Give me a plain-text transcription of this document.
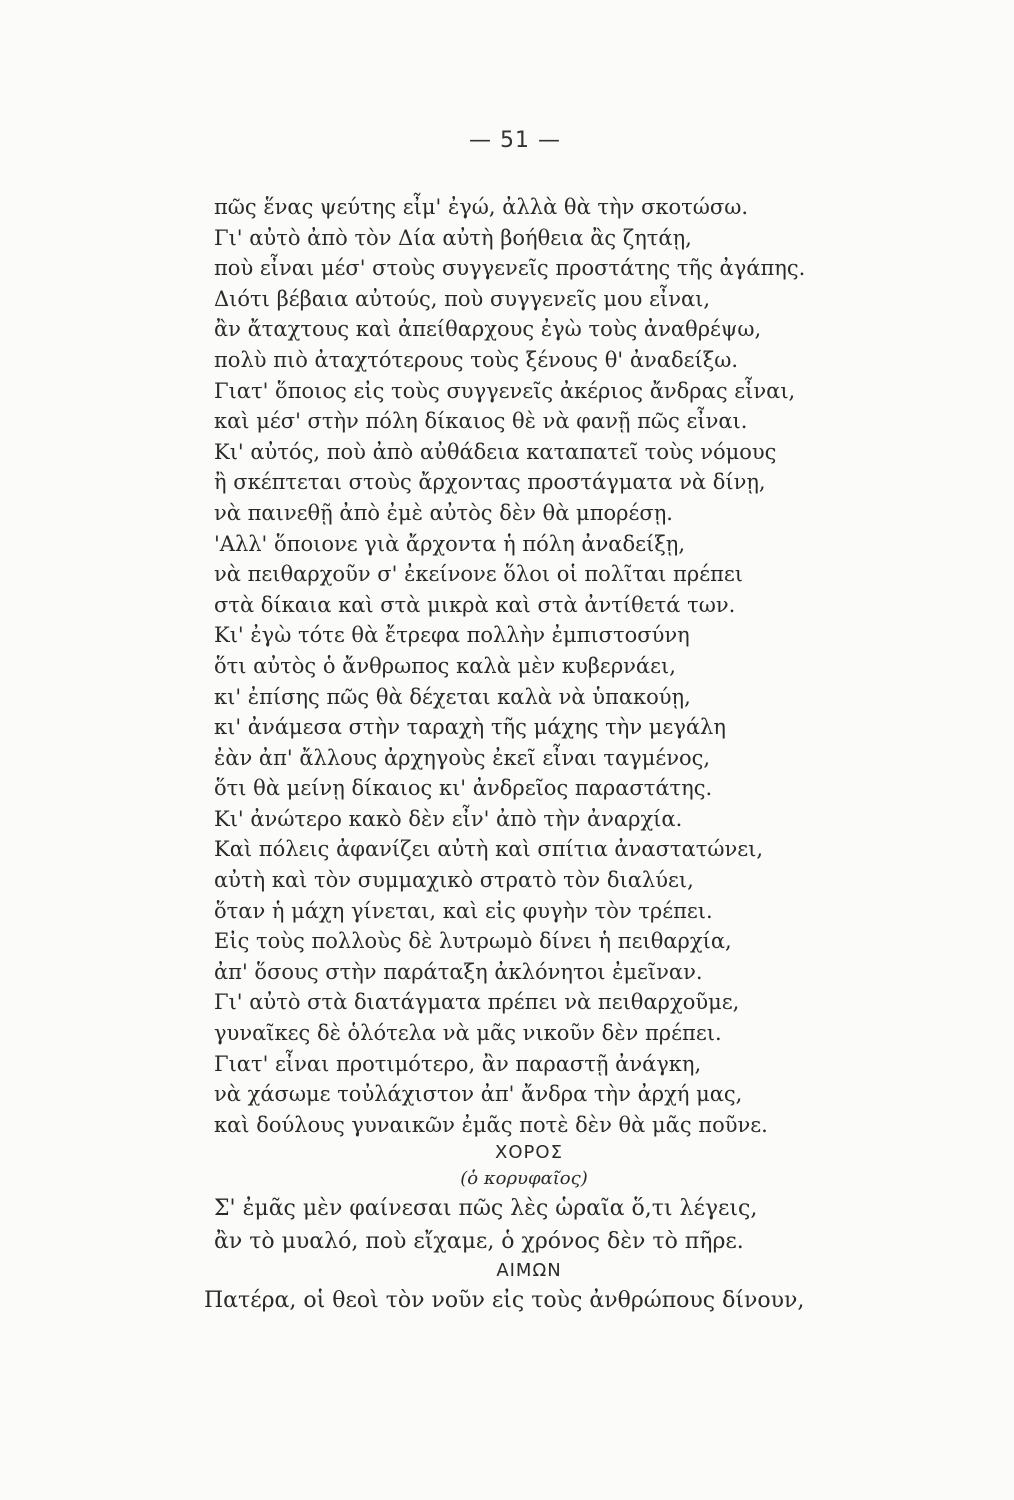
— 51 —
πῶς ἕνας ψεύτης εἶμ' ἐγώ, ἀλλὰ θὰ τὴν σκοτώσω.
Γι' αὐτὸ ἀπὸ τὸν Δία αὐτὴ βοήθεια ἂς ζητάῃ,
ποὺ εἶναι μέσ' στοὺς συγγενεῖς προστάτης τῆς ἀγάπης.
Διότι βέβαια αὐτούς, ποὺ συγγενεῖς μου εἶναι,
ἂν ἄταχτους καὶ ἀπείθαρχους ἐγὼ τοὺς ἀναθρέψω,
πολὺ πιὸ ἀταχτότερους τοὺς ξένους θ' ἀναδείξω.
Γιατ' ὅποιος εἰς τοὺς συγγενεῖς ἀκέριος ἄνδρας εἶναι,
καὶ μέσ' στὴν πόλη δίκαιος θὲ νὰ φανῇ πῶς εἶναι.
Κι' αὐτός, ποὺ ἀπὸ αὐθάδεια καταπατεῖ τοὺς νόμους
ἢ σκέπτεται στοὺς ἄρχοντας προστάγματα νὰ δίνῃ,
νὰ παινεθῇ ἀπὸ ἐμὲ αὐτὸς δὲν θὰ μπορέσῃ.
'Αλλ' ὅποιονε γιὰ ἄρχοντα ἡ πόλη ἀναδείξῃ,
νὰ πειθαρχοῦν σ' ἐκείνονε ὅλοι οἱ πολῖται πρέπει
στὰ δίκαια καὶ στὰ μικρὰ καὶ στὰ ἀντίθετά των.
Κι' ἐγὼ τότε θὰ ἔτρεφα πολλὴν ἐμπιστοσύνη
ὅτι αὐτὸς ὁ ἄνθρωπος καλὰ μὲν κυβερνάει,
κι' ἐπίσης πῶς θὰ δέχεται καλὰ νὰ ὑπακούῃ,
κι' ἀνάμεσα στὴν ταραχὴ τῆς μάχης τὴν μεγάλη
ἐὰν ἀπ' ἄλλους ἀρχηγοὺς ἐκεῖ εἶναι ταγμένος,
ὅτι θὰ μείνῃ δίκαιος κι' ἀνδρεῖος παραστάτης.
Κι' ἀνώτερο κακὸ δὲν εἶν' ἀπὸ τὴν ἀναρχία.
Καὶ πόλεις ἀφανίζει αὐτὴ καὶ σπίτια ἀναστατώνει,
αὐτὴ καὶ τὸν συμμαχικὸ στρατὸ τὸν διαλύει,
ὅταν ἡ μάχη γίνεται, καὶ εἰς φυγὴν τὸν τρέπει.
Εἰς τοὺς πολλοὺς δὲ λυτρωμὸ δίνει ἡ πειθαρχία,
ἀπ' ὅσους στὴν παράταξη ἀκλόνητοι ἐμεῖναν.
Γι' αὐτὸ στὰ διατάγματα πρέπει νὰ πειθαρχοῦμε,
γυναῖκες δὲ ὁλότελα νὰ μᾶς νικοῦν δὲν πρέπει.
Γιατ' εἶναι προτιμότερο, ἂν παραστῇ ἀνάγκη,
νὰ χάσωμε τοὐλάχιστον ἀπ' ἄνδρα τὴν ἀρχή μας,
καὶ δούλους γυναικῶν ἐμᾶς ποτὲ δὲν θὰ μᾶς ποῦνε.
ΧΟΡΟΣ
(ὁ κορυφαῖος)
Σ' ἐμᾶς μὲν φαίνεσαι πῶς λὲς ὡραῖα ὅ,τι λέγεις,
ἂν τὸ μυαλό, ποὺ εἴχαμε, ὁ χρόνος δὲν τὸ πῆρε.
ΑΙΜΩΝ
Πατέρα, οἱ θεοὶ τὸν νοῦν εἰς τοὺς ἀνθρώπους δίνουν,
